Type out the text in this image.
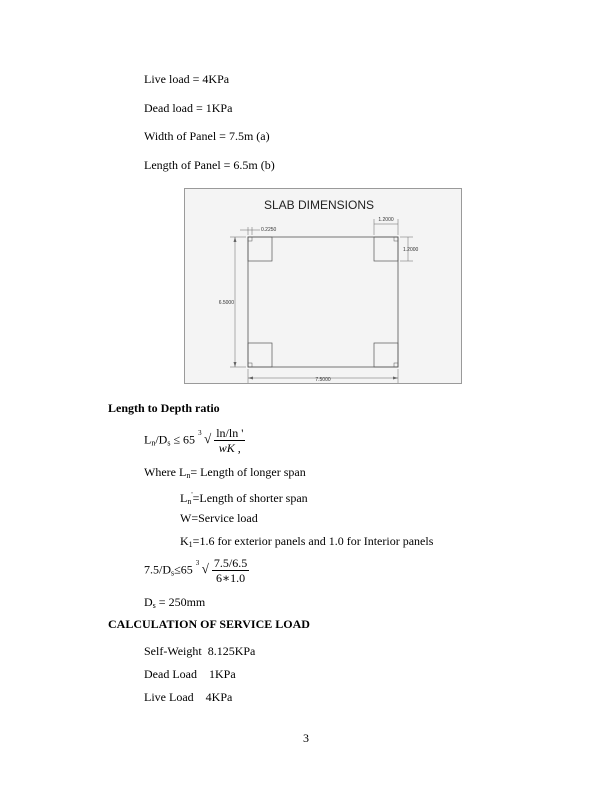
Live load = 4KPa
Dead load = 1KPa
Width of Panel = 7.5m (a)
Length of Panel = 6.5m (b)
SLAB DIMENSIONS
0.2250
1.2000
1.2000
6.5000
7.5000
Length to Depth ratio
$L_n/D_s \le 65$ 3 √ $\frac{\ln/\ln '}{wK ,}$
Where $L_n=$ Length of longer span
$L_n'=Length$ of shorter span
W=Service load
$K_1=1.6$ for exterior panels and 1.0 for Interior panels
$7.5/D_s\le 65$ 3 √ $\frac{7.5/6.5}{6∗1.0}$
$D_s = 250mm$
CALCULATION OF SERVICE LOAD
Self-Weight 8.125KPa
Dead Load 1KPa
Live Load 4KPa
3
